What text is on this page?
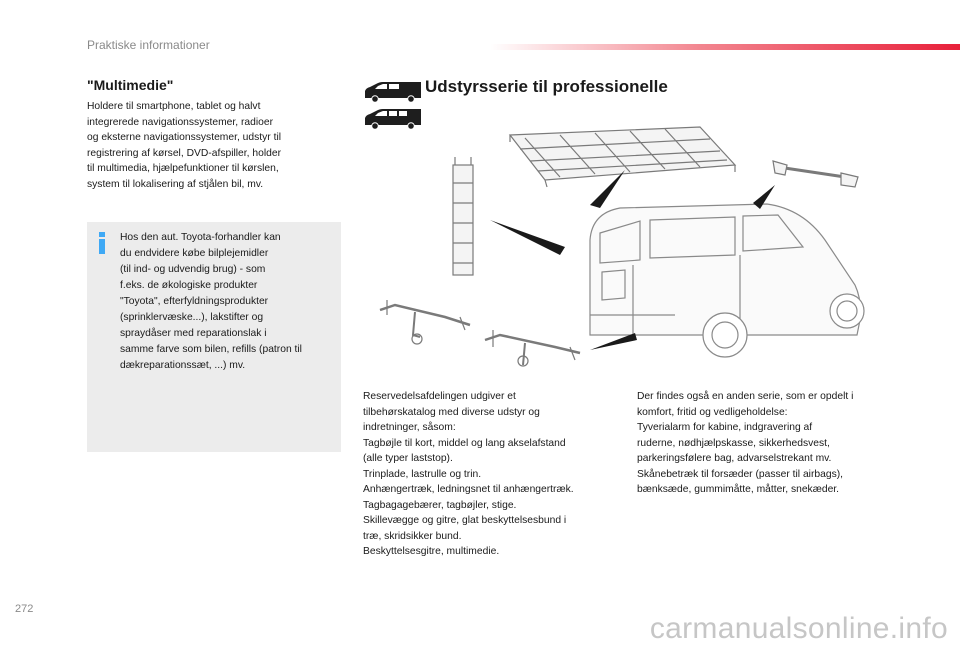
Praktiske informationer
"Multimedie"
Holdere til smartphone, tablet og halvt
integrerede navigationssystemer, radioer
og eksterne navigationssystemer, udstyr til
registrering af kørsel, DVD-afspiller, holder
til multimedia, hjælpefunktioner til kørslen,
system til lokalisering af stjålen bil, mv.
Hos den aut. Toyota-forhandler kan
du endvidere købe bilplejemidler
(til ind- og udvendig brug) - som
f.eks. de økologiske produkter
"Toyota", efterfyldningsprodukter
(sprinklervæske...), lakstifter og
spraydåser med reparationslak i
samme farve som bilen, refills (patron til
dækreparationssæt, ...) mv.
Udstyrsserie til professionelle
Reservedelsafdelingen udgiver et
tilbehørskatalog med diverse udstyr og
indretninger, såsom:
Tagbøjle til kort, middel og lang akselafstand
(alle typer laststop).
Trinplade, lastrulle og trin.
Anhængertræk, ledningsnet til anhængertræk.
Tagbagagebærer, tagbøjler, stige.
Skillevægge og gitre, glat beskyttelsesbund i
træ, skridsikker bund.
Beskyttelsesgitre, multimedie.
Der findes også en anden serie, som er opdelt i
komfort, fritid og vedligeholdelse:
Tyverialarm for kabine, indgravering af
ruderne, nødhjælpskasse, sikkerhedsvest,
parkeringsfølere bag, advarselstrekant mv.
Skånebetræk til forsæder (passer til airbags),
bænksæde, gummimåtte, måtter, snekæder.
272
carmanualsonline.info
